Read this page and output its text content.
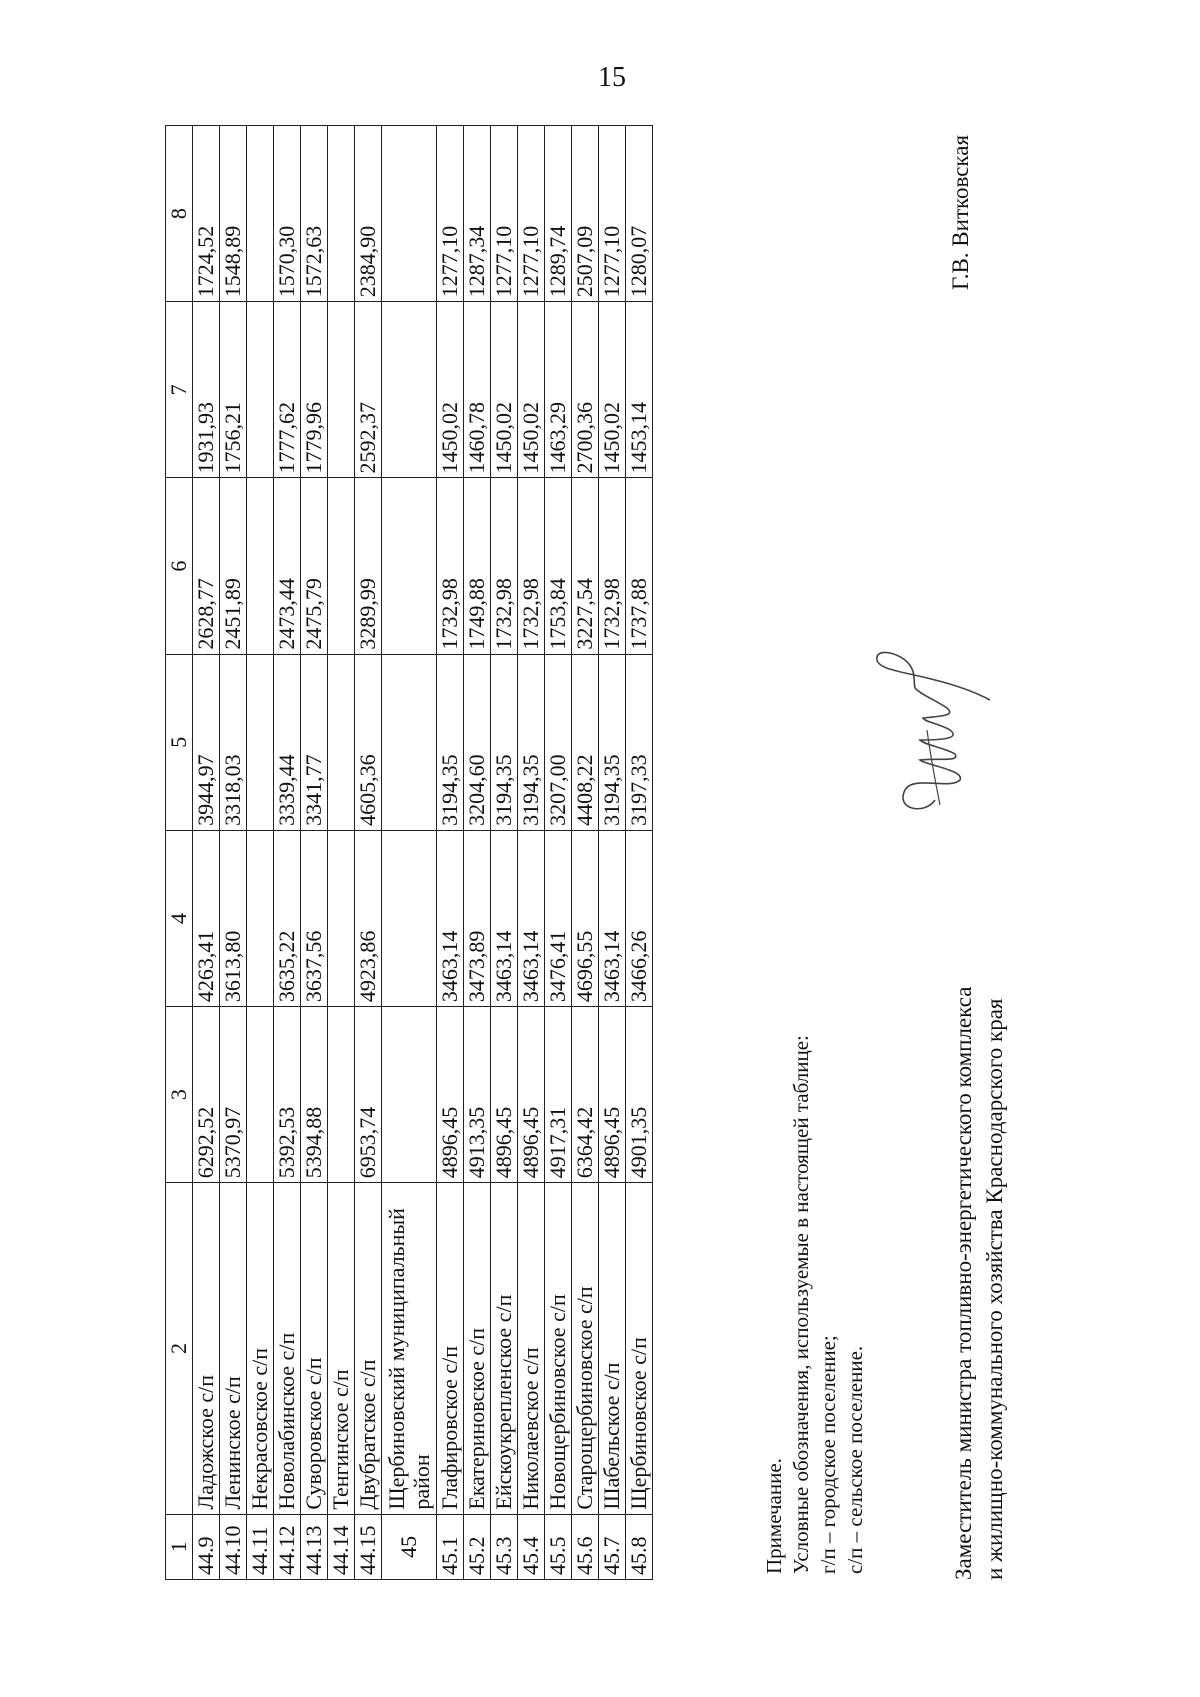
15
1	2	3	4	5	6	7	8
44.9	Ладожское с/п	6292,52	4263,41	3944,97	2628,77	1931,93	1724,52
44.10	Ленинское с/п	5370,97	3613,80	3318,03	2451,89	1756,21	1548,89
44.11	Некрасовское с/п						
44.12	Новолабинское с/п	5392,53	3635,22	3339,44	2473,44	1777,62	1570,30
44.13	Суворовское с/п	5394,88	3637,56	3341,77	2475,79	1779,96	1572,63
44.14	Тенгинское с/п						
44.15	Двубратское с/п	6953,74	4923,86	4605,36	3289,99	2592,37	2384,90
45	Щербиновский муниципальный район						
45.1	Глафировское с/п	4896,45	3463,14	3194,35	1732,98	1450,02	1277,10
45.2	Екатериновское с/п	4913,35	3473,89	3204,60	1749,88	1460,78	1287,34
45.3	Ейскоукрепленское с/п	4896,45	3463,14	3194,35	1732,98	1450,02	1277,10
45.4	Николаевское с/п	4896,45	3463,14	3194,35	1732,98	1450,02	1277,10
45.5	Новощербиновское с/п	4917,31	3476,41	3207,00	1753,84	1463,29	1289,74
45.6	Старощербиновское с/п	6364,42	4696,55	4408,22	3227,54	2700,36	2507,09
45.7	Шабельское с/п	4896,45	3463,14	3194,35	1732,98	1450,02	1277,10
45.8	Щербиновское с/п	4901,35	3466,26	3197,33	1737,88	1453,14	1280,07
Примечание. Условные обозначения, используемые в настоящей таблице: г/п – городское поселение; с/п – сельское поселение.	Заместитель министра топливно-энергетического комплекса и жилищно-коммунального хозяйства Краснодарского края
Г.В. Витковская
